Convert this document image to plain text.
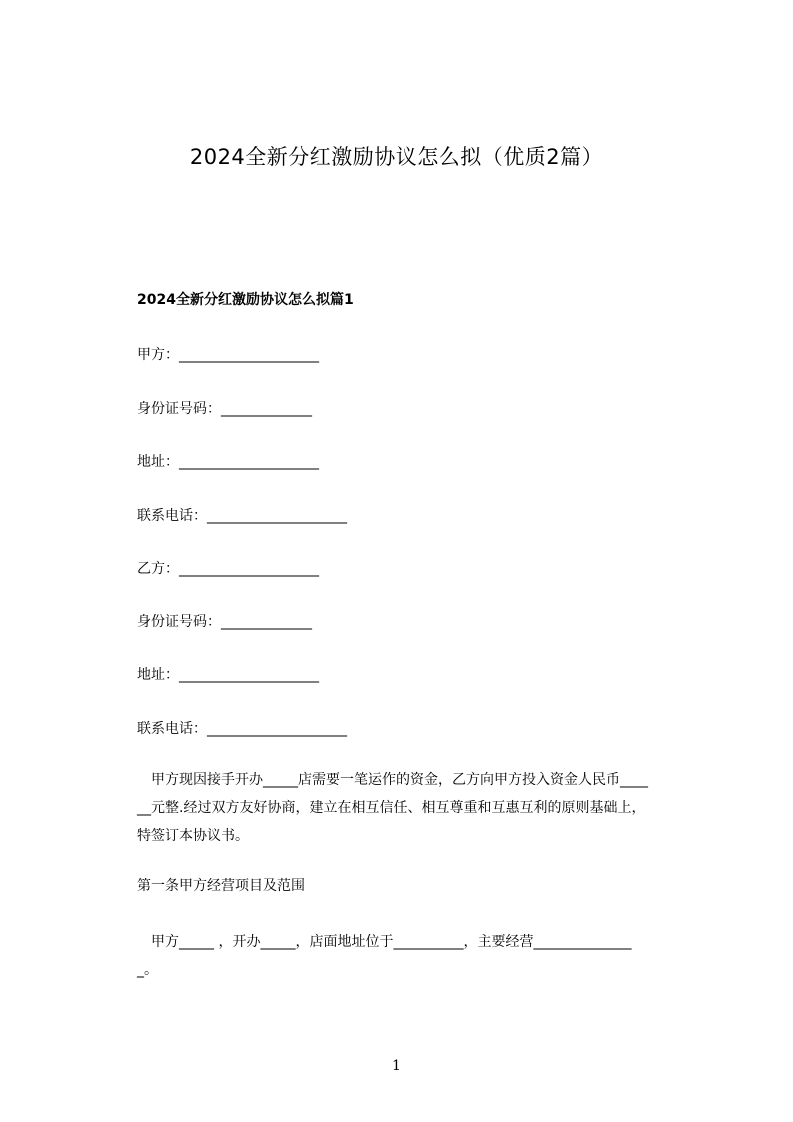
2024全新分红激励协议怎么拟（优质2篇）
2024全新分红激励协议怎么拟篇1
甲方：____________________
身份证号码：_____________
地址：____________________
联系电话：____________________
乙方：____________________
身份证号码：_____________
地址：____________________
联系电话：____________________
　甲方现因接手开办_____店需要一笔运作的资金，乙方向甲方投入资金人民币____
__元整.经过双方友好协商，建立在相互信任、相互尊重和互惠互利的原则基础上，
特签订本协议书。
第一条甲方经营项目及范围
　甲方_____ ，开办_____，店面地址位于__________，主要经营______________
_。
1
